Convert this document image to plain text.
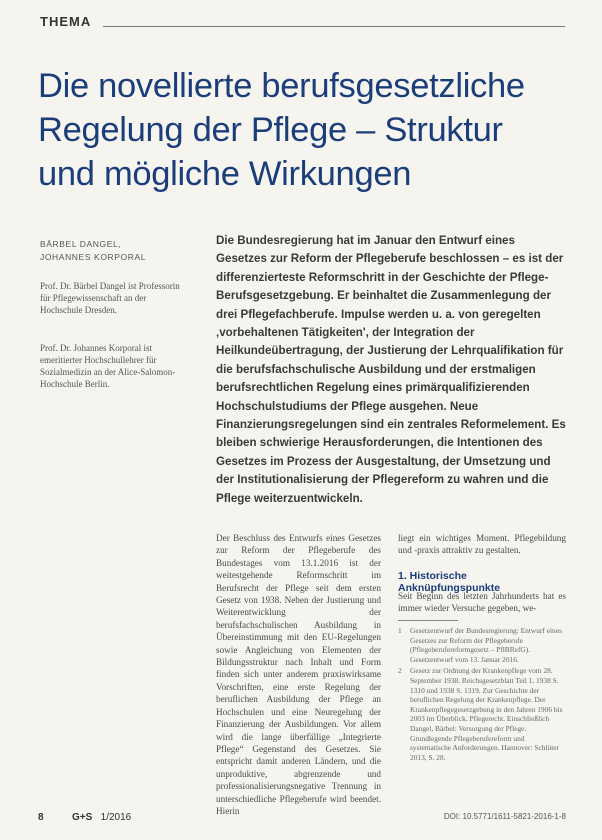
THEMA
Die novellierte berufsgesetzliche Regelung der Pflege – Struktur und mögliche Wirkungen
BÄRBEL DANGEL,
JOHANNES KORPORAL

Prof. Dr. Bärbel Dangel ist Professorin für Pflegewissenschaft an der Hochschule Dresden.

Prof. Dr. Johannes Korporal ist emeritierter Hochschullehrer für Sozialmedizin an der Alice-Salomon-Hochschule Berlin.

Die Bundesregierung hat im Januar den Entwurf eines Gesetzes zur Reform der Pflegeberufe beschlossen – es ist der differenzierteste Reformschritt in der Geschichte der Pflege-Berufsgesetzgebung. Er beinhaltet die Zusammenlegung der drei Pflegefachberufe. Impulse werden u. a. von geregelten ‚vorbehaltenen Tätigkeiten', der Integration der Heilkundeübertragung, der Justierung der Lehrqualifikation für die berufsfachschulische Ausbildung und der erstmaligen berufsrechtlichen Regelung eines primärqualifizierenden Hochschulstudiums der Pflege ausgehen. Neue Finanzierungsregelungen sind ein zentrales Reformelement. Es bleiben schwierige Herausforderungen, die Intentionen des Gesetzes im Prozess der Ausgestaltung, der Umsetzung und der Institutionalisierung der Pflegereform zu wahren und die Pflege weiterzuentwickeln.

Der Beschluss des Entwurfs eines Gesetzes zur Reform der Pflegeberufe des Bundestages vom 13.1.2016 ist der weitestgehende Reformschritt im Berufsrecht der Pflege seit dem ersten Gesetz von 1938. Neben der Justierung und Weiterentwicklung der berufsfachschulischen Ausbildung in Übereinstimmung mit den EU-Regelungen sowie Angleichung von Elementen der Bildungsstruktur nach Inhalt und Form finden sich unter anderem praxiswirksame Vorschriften, eine erste Regelung der beruflichen Ausbildung der Pflege an Hochschulen und eine Neuregelung der Finanzierung der Ausbildungen. Vor allem wird die lange überfällige „Integrierte Pflege“ Gegenstand des Gesetzes. Sie entspricht damit anderen Ländern, und die unproduktive, abgrenzende und professionalisierungsnegative Trennung in unterschiedliche Pflegeberufe wird beendet. Hierin

liegt ein wichtiges Moment. Pflegebildung und -praxis attraktiv zu gestalten.

1. Historische Anknüpfungspunkte

Seit Beginn des letzten Jahrhunderts hat es immer wieder Versuche gegeben, we-

1 Gesetzentwurf der Bundesregierung: Entwurf eines Gesetzes zur Reform der Pflegeberufe (Pflegeberufereformgesetz – PflBRefG). Gesetzentwurf vom 13. Januar 2016.
2 Gesetz zur Ordnung der Krankenpflege vom 28. September 1938. Reichsgesetzblatt Teil 1, 1938 S. 1310 und 1938 S. 1319. Zur Geschichte der beruflichen Regelung der Krankenpflege. Der Krankenpflegegesetzgebung in den Jahren 1906 bis 2003 im Überblick. Pflegerecht. Einschließlich Dangel, Bärbel: Versorgung der Pflege. Grundlegende Pflegeberufereform und systematische Anforderungen. Hannover: Schlüter 2013, S. 28.
8	G+S 1/2016	DOI: 10.5771/1611-5821-2016-1-8
